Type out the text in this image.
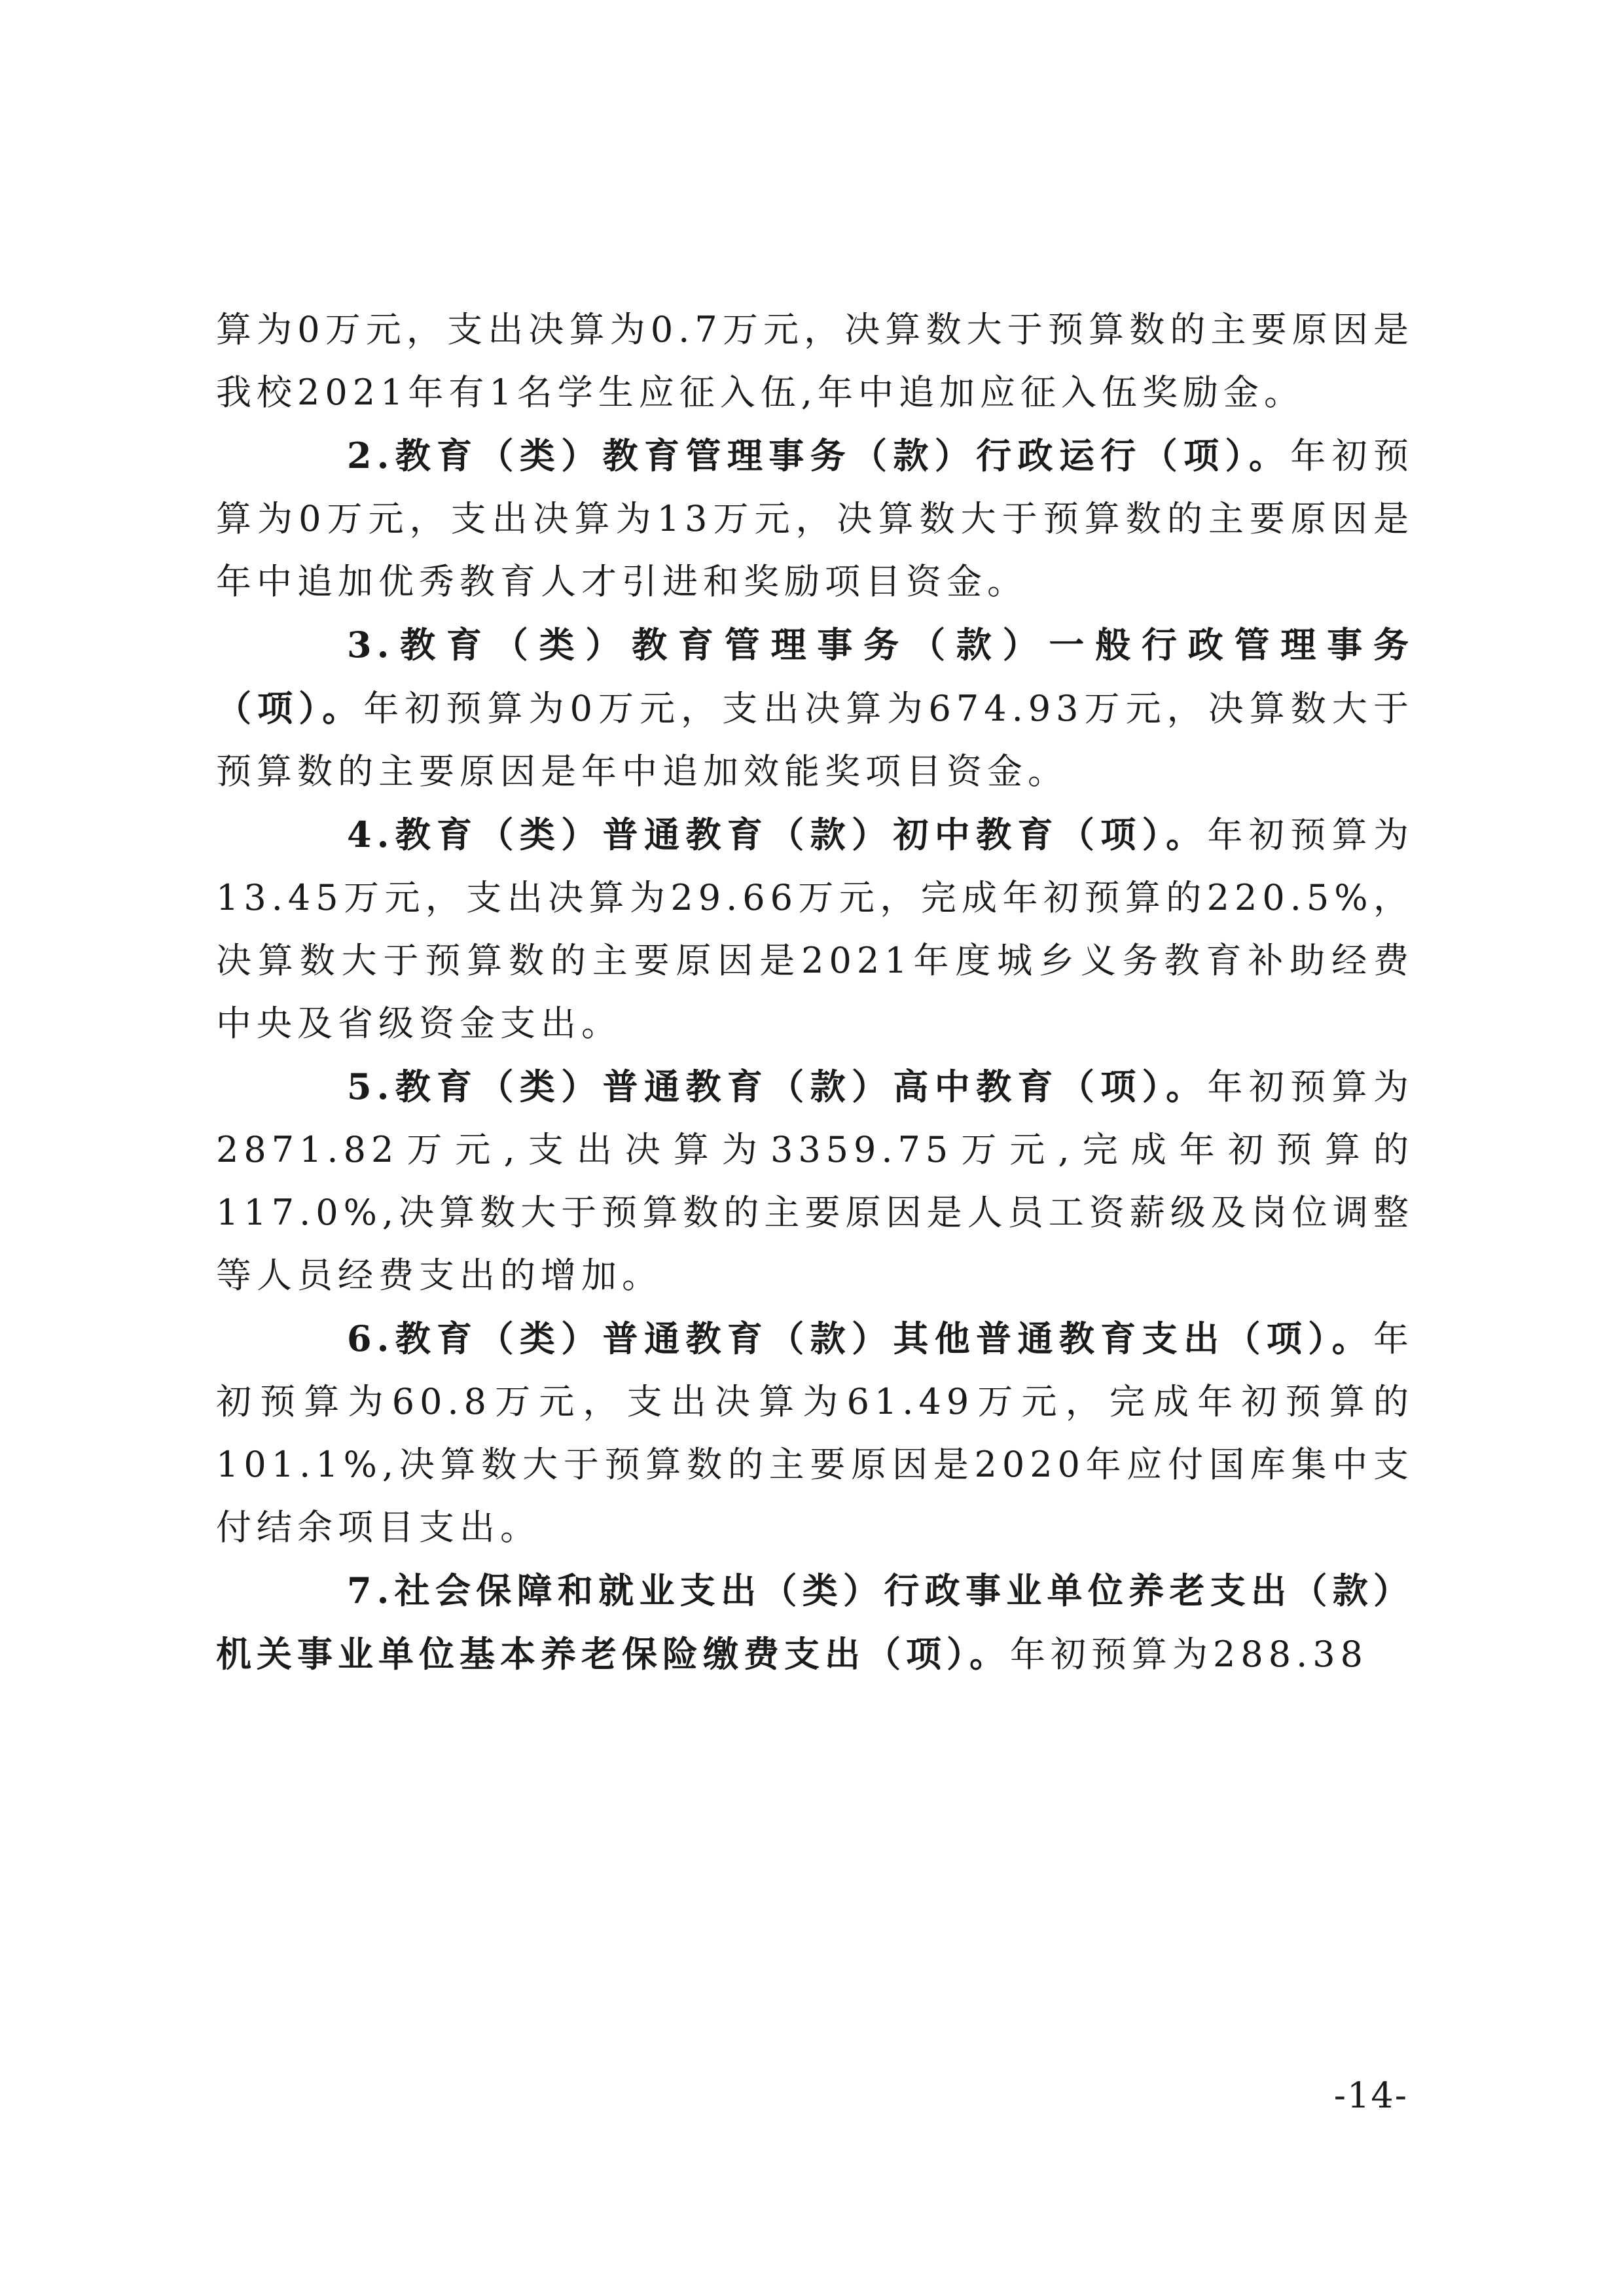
算为0万元，支出决算为0.7万元，决算数大于预算数的主要原因是我校2021年有1名学生应征入伍,年中追加应征入伍奖励金。

2.教育（类）教育管理事务（款）行政运行（项）。年初预算为0万元，支出决算为13万元，决算数大于预算数的主要原因是年中追加优秀教育人才引进和奖励项目资金。

3.教育（类）教育管理事务（款）一般行政管理事务（项）。年初预算为0万元，支出决算为674.93万元，决算数大于预算数的主要原因是年中追加效能奖项目资金。

4.教育（类）普通教育（款）初中教育（项）。年初预算为13.45万元，支出决算为29.66万元，完成年初预算的220.5%，决算数大于预算数的主要原因是2021年度城乡义务教育补助经费中央及省级资金支出。

5.教育（类）普通教育（款）高中教育（项）。年初预算为2871.82万元,支出决算为3359.75万元,完成年初预算的117.0%,决算数大于预算数的主要原因是人员工资薪级及岗位调整等人员经费支出的增加。

6.教育（类）普通教育（款）其他普通教育支出（项）。年初预算为60.8万元，支出决算为61.49万元，完成年初预算的101.1%,决算数大于预算数的主要原因是2020年应付国库集中支付结余项目支出。

7.社会保障和就业支出（类）行政事业单位养老支出（款）机关事业单位基本养老保险缴费支出（项）。年初预算为288.38

-14-
